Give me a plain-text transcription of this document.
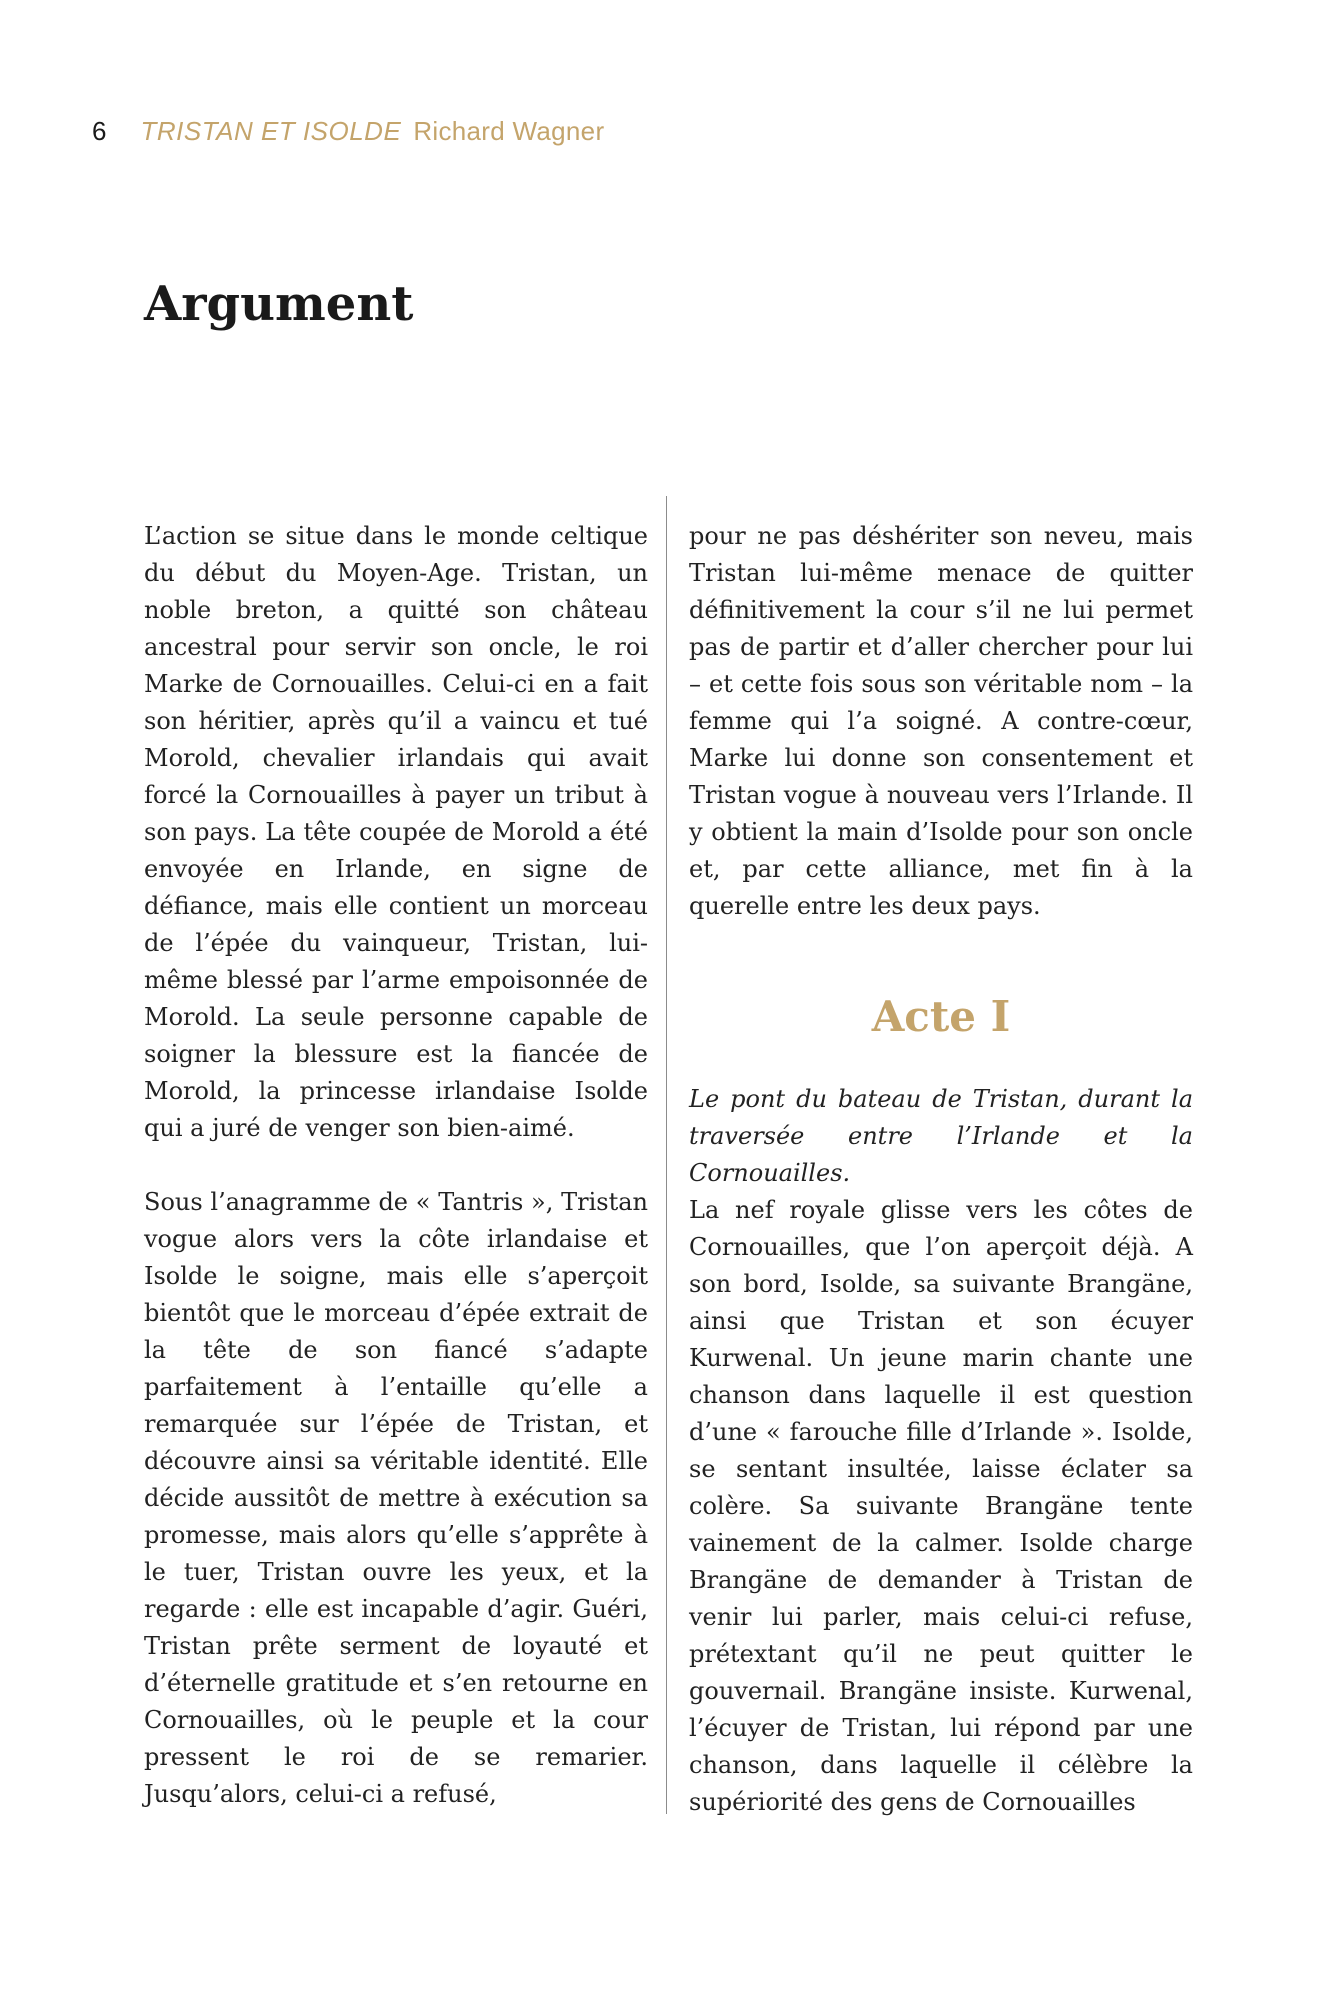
6 TRISTAN ET ISOLDE Richard Wagner
Argument

L’action se situe dans le monde celtique du début du Moyen-Age. Tristan, un noble breton, a quitté son château ancestral pour servir son oncle, le roi Marke de Cornouailles. Celui-ci en a fait son héritier, après qu’il a vaincu et tué Morold, chevalier irlandais qui avait forcé la Cornouailles à payer un tribut à son pays. La tête coupée de Morold a été envoyée en Irlande, en signe de défiance, mais elle contient un morceau de l’épée du vainqueur, Tristan, lui-même blessé par l’arme empoisonnée de Morold. La seule personne capable de soigner la blessure est la fiancée de Morold, la princesse irlandaise Isolde qui a juré de venger son bien-aimé.

Sous l’anagramme de « Tantris », Tristan vogue alors vers la côte irlandaise et Isolde le soigne, mais elle s’aperçoit bientôt que le morceau d’épée extrait de la tête de son fiancé s’adapte parfaitement à l’entaille qu’elle a remarquée sur l’épée de Tristan, et découvre ainsi sa véritable identité. Elle décide aussitôt de mettre à exécution sa promesse, mais alors qu’elle s’apprête à le tuer, Tristan ouvre les yeux, et la regarde : elle est incapable d’agir. Guéri, Tristan prête serment de loyauté et d’éternelle gratitude et s’en retourne en Cornouailles, où le peuple et la cour pressent le roi de se remarier. Jusqu’alors, celui-ci a refusé,

pour ne pas déshériter son neveu, mais Tristan lui-même menace de quitter définitivement la cour s’il ne lui permet pas de partir et d’aller chercher pour lui – et cette fois sous son véritable nom – la femme qui l’a soigné. A contre-cœur, Marke lui donne son consentement et Tristan vogue à nouveau vers l’Irlande. Il y obtient la main d’Isolde pour son oncle et, par cette alliance, met fin à la querelle entre les deux pays.

Acte I

Le pont du bateau de Tristan, durant la traversée entre l’Irlande et la Cornouailles.

La nef royale glisse vers les côtes de Cornouailles, que l’on aperçoit déjà. A son bord, Isolde, sa suivante Brangäne, ainsi que Tristan et son écuyer Kurwenal. Un jeune marin chante une chanson dans laquelle il est question d’une « farouche fille d’Irlande ». Isolde, se sentant insultée, laisse éclater sa colère. Sa suivante Brangäne tente vainement de la calmer. Isolde charge Brangäne de demander à Tristan de venir lui parler, mais celui-ci refuse, prétextant qu’il ne peut quitter le gouvernail. Brangäne insiste. Kurwenal, l’écuyer de Tristan, lui répond par une chanson, dans laquelle il célèbre la supériorité des gens de Cornouailles
